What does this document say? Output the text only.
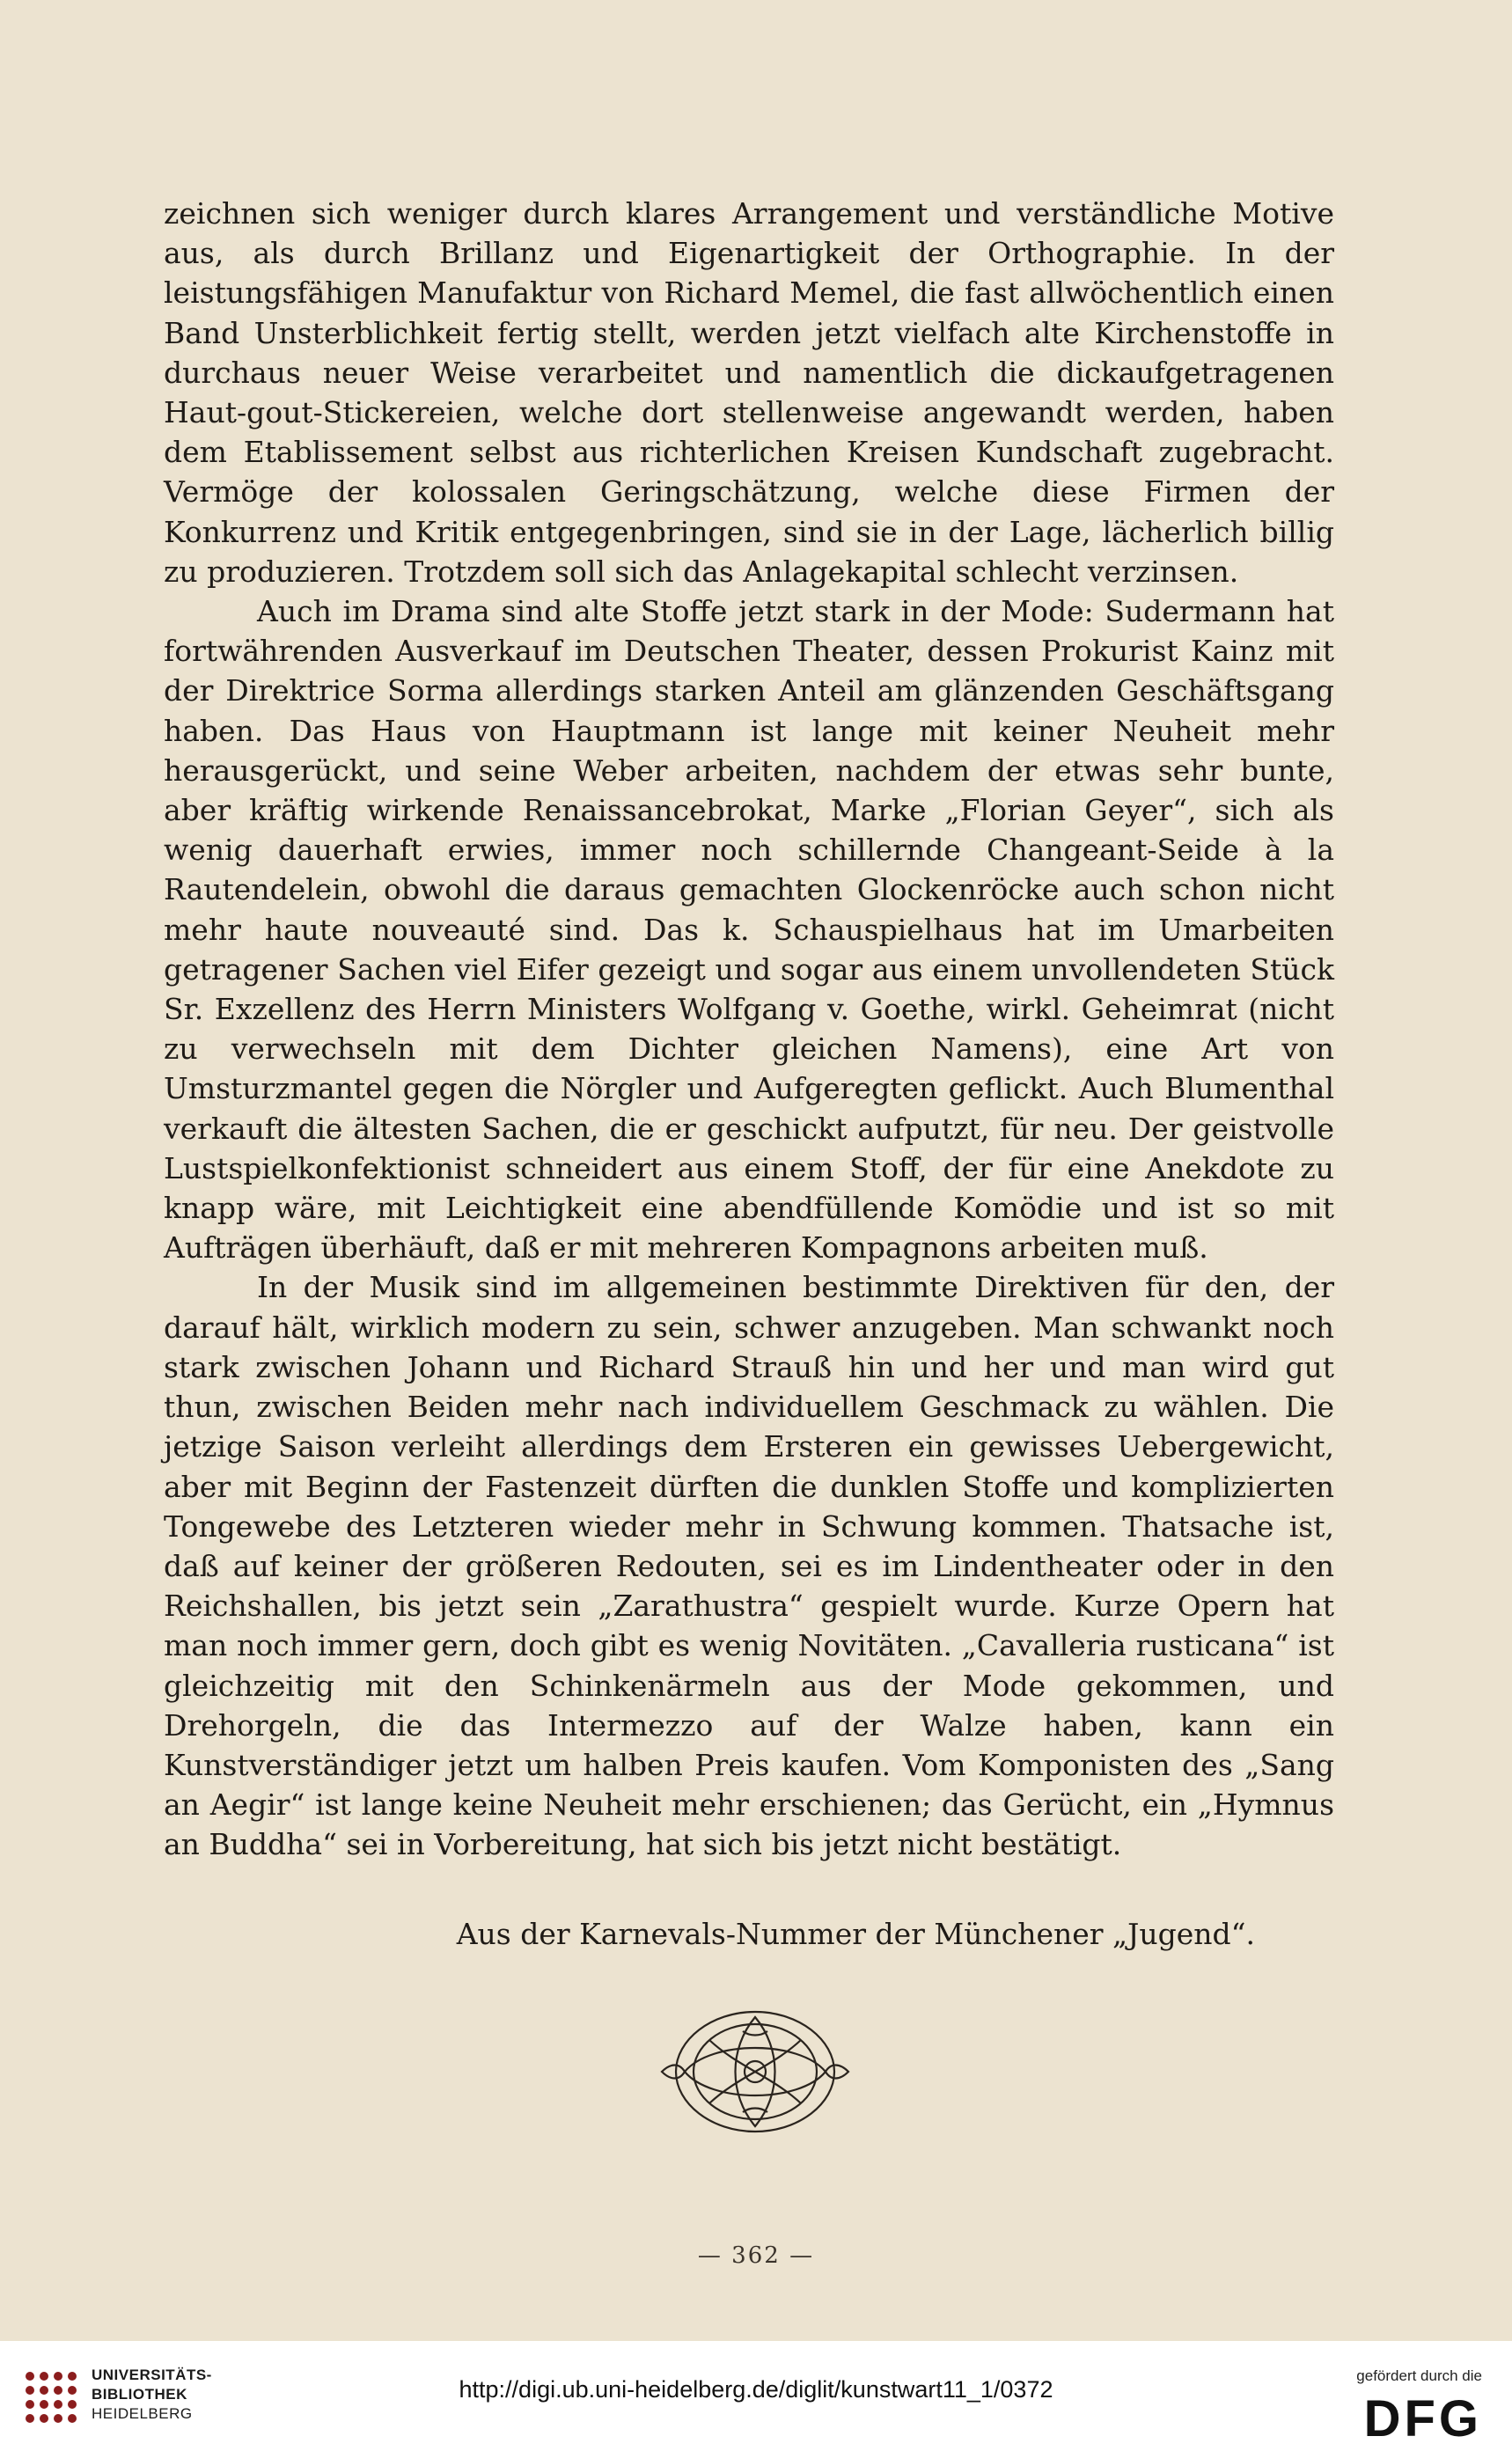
zeichnen sich weniger durch klares Arrangement und verständliche Motive aus, als durch Brillanz und Eigenartigkeit der Orthographie. In der leistungsfähigen Manufaktur von Richard Memel, die fast allwöchentlich einen Band Unsterblichkeit fertig stellt, werden jetzt vielfach alte Kirchenstoffe in durchaus neuer Weise verarbeitet und namentlich die dickaufgetragenen Haut-gout-Stickereien, welche dort stellenweise angewandt werden, haben dem Etablissement selbst aus richterlichen Kreisen Kundschaft zugebracht. Vermöge der kolossalen Geringschätzung, welche diese Firmen der Konkurrenz und Kritik entgegenbringen, sind sie in der Lage, lächerlich billig zu produzieren. Trotzdem soll sich das Anlagekapital schlecht verzinsen.

Auch im Drama sind alte Stoffe jetzt stark in der Mode: Sudermann hat fortwährenden Ausverkauf im Deutschen Theater, dessen Prokurist Kainz mit der Direktrice Sorma allerdings starken Anteil am glänzenden Geschäftsgang haben. Das Haus von Hauptmann ist lange mit keiner Neuheit mehr herausgerückt, und seine Weber arbeiten, nachdem der etwas sehr bunte, aber kräftig wirkende Renaissancebrokat, Marke „Florian Geyer“, sich als wenig dauerhaft erwies, immer noch schillernde Changeant-Seide à la Rautendelein, obwohl die daraus gemachten Glockenröcke auch schon nicht mehr haute nouveauté sind. Das k. Schauspielhaus hat im Umarbeiten getragener Sachen viel Eifer gezeigt und sogar aus einem unvollendeten Stück Sr. Exzellenz des Herrn Ministers Wolfgang v. Goethe, wirkl. Geheimrat (nicht zu verwechseln mit dem Dichter gleichen Namens), eine Art von Umsturzmantel gegen die Nörgler und Aufgeregten geflickt. Auch Blumenthal verkauft die ältesten Sachen, die er geschickt aufputzt, für neu. Der geistvolle Lustspielkonfektionist schneidert aus einem Stoff, der für eine Anekdote zu knapp wäre, mit Leichtigkeit eine abendfüllende Komödie und ist so mit Aufträgen überhäuft, daß er mit mehreren Kompagnons arbeiten muß.

In der Musik sind im allgemeinen bestimmte Direktiven für den, der darauf hält, wirklich modern zu sein, schwer anzugeben. Man schwankt noch stark zwischen Johann und Richard Strauß hin und her und man wird gut thun, zwischen Beiden mehr nach individuellem Geschmack zu wählen. Die jetzige Saison verleiht allerdings dem Ersteren ein gewisses Uebergewicht, aber mit Beginn der Fastenzeit dürften die dunklen Stoffe und komplizierten Tongewebe des Letzteren wieder mehr in Schwung kommen. Thatsache ist, daß auf keiner der größeren Redouten, sei es im Lindentheater oder in den Reichshallen, bis jetzt sein „Zarathustra“ gespielt wurde. Kurze Opern hat man noch immer gern, doch gibt es wenig Novitäten. „Cavalleria rusticana“ ist gleichzeitig mit den Schinkenärmeln aus der Mode gekommen, und Drehorgeln, die das Intermezzo auf der Walze haben, kann ein Kunstverständiger jetzt um halben Preis kaufen. Vom Komponisten des „Sang an Aegir“ ist lange keine Neuheit mehr erschienen; das Gerücht, ein „Hymnus an Buddha“ sei in Vorbereitung, hat sich bis jetzt nicht bestätigt.

Aus der Karnevals-Nummer der Münchener „Jugend“.
— 362 —
UNIVERSITÄTS-
BIBLIOTHEK
HEIDELBERG
http://digi.ub.uni-heidelberg.de/diglit/kunstwart11_1/0372
gefördert durch die
DFG
